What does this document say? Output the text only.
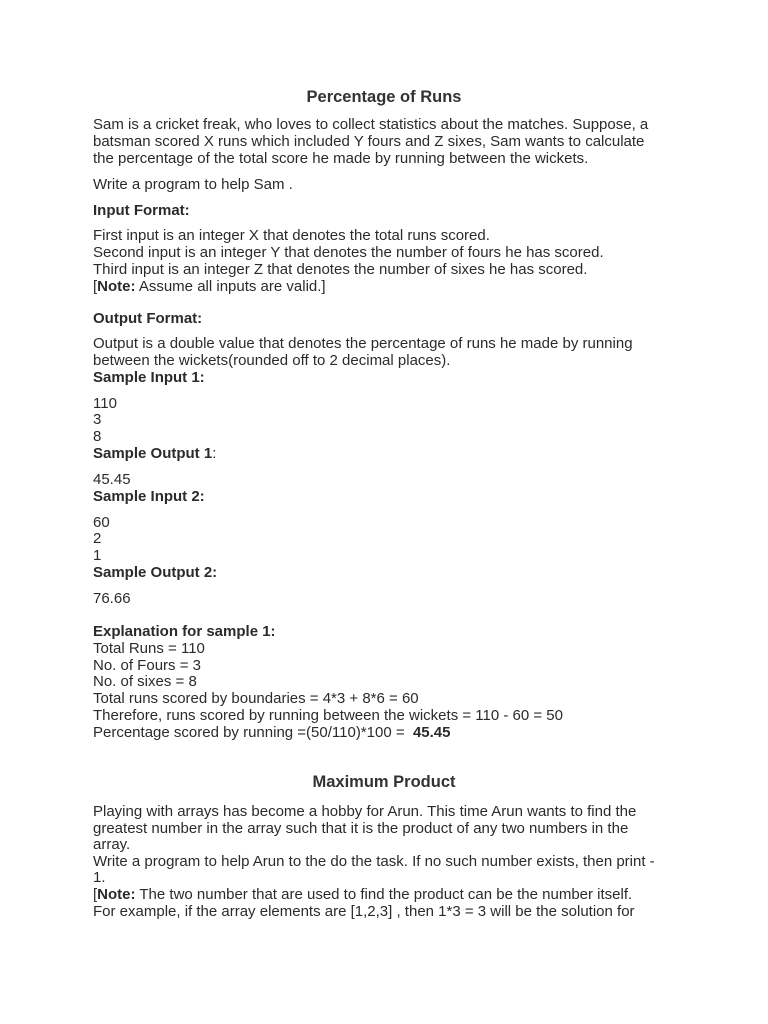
Percentage of Runs
Sam is a cricket freak, who loves to collect statistics about the matches. Suppose, a
batsman scored X runs which included Y fours and Z sixes, Sam wants to calculate
the percentage of the total score he made by running between the wickets.
Write a program to help Sam .
Input Format:
First input is an integer X that denotes the total runs scored.
Second input is an integer Y that denotes the number of fours he has scored.
Third input is an integer Z that denotes the number of sixes he has scored.
[Note: Assume all inputs are valid.]
Output Format:
Output is a double value that denotes the percentage of runs he made by running
between the wickets(rounded off to 2 decimal places).
Sample Input 1:
110
3
8
Sample Output 1:
45.45
Sample Input 2:
60
2
1
Sample Output 2:
76.66
Explanation for sample 1:
Total Runs = 110
No. of Fours = 3
No. of sixes = 8
Total runs scored by boundaries = 4*3 + 8*6 = 60
Therefore, runs scored by running between the wickets = 110 - 60 = 50
Percentage scored by running =(50/110)*100 =  45.45
Maximum Product
Playing with arrays has become a hobby for Arun. This time Arun wants to find the
greatest number in the array such that it is the product of any two numbers in the
array.
Write a program to help Arun to the do the task. If no such number exists, then print -
1.
[Note: The two number that are used to find the product can be the number itself.
For example, if the array elements are [1,2,3] , then 1*3 = 3 will be the solution for
